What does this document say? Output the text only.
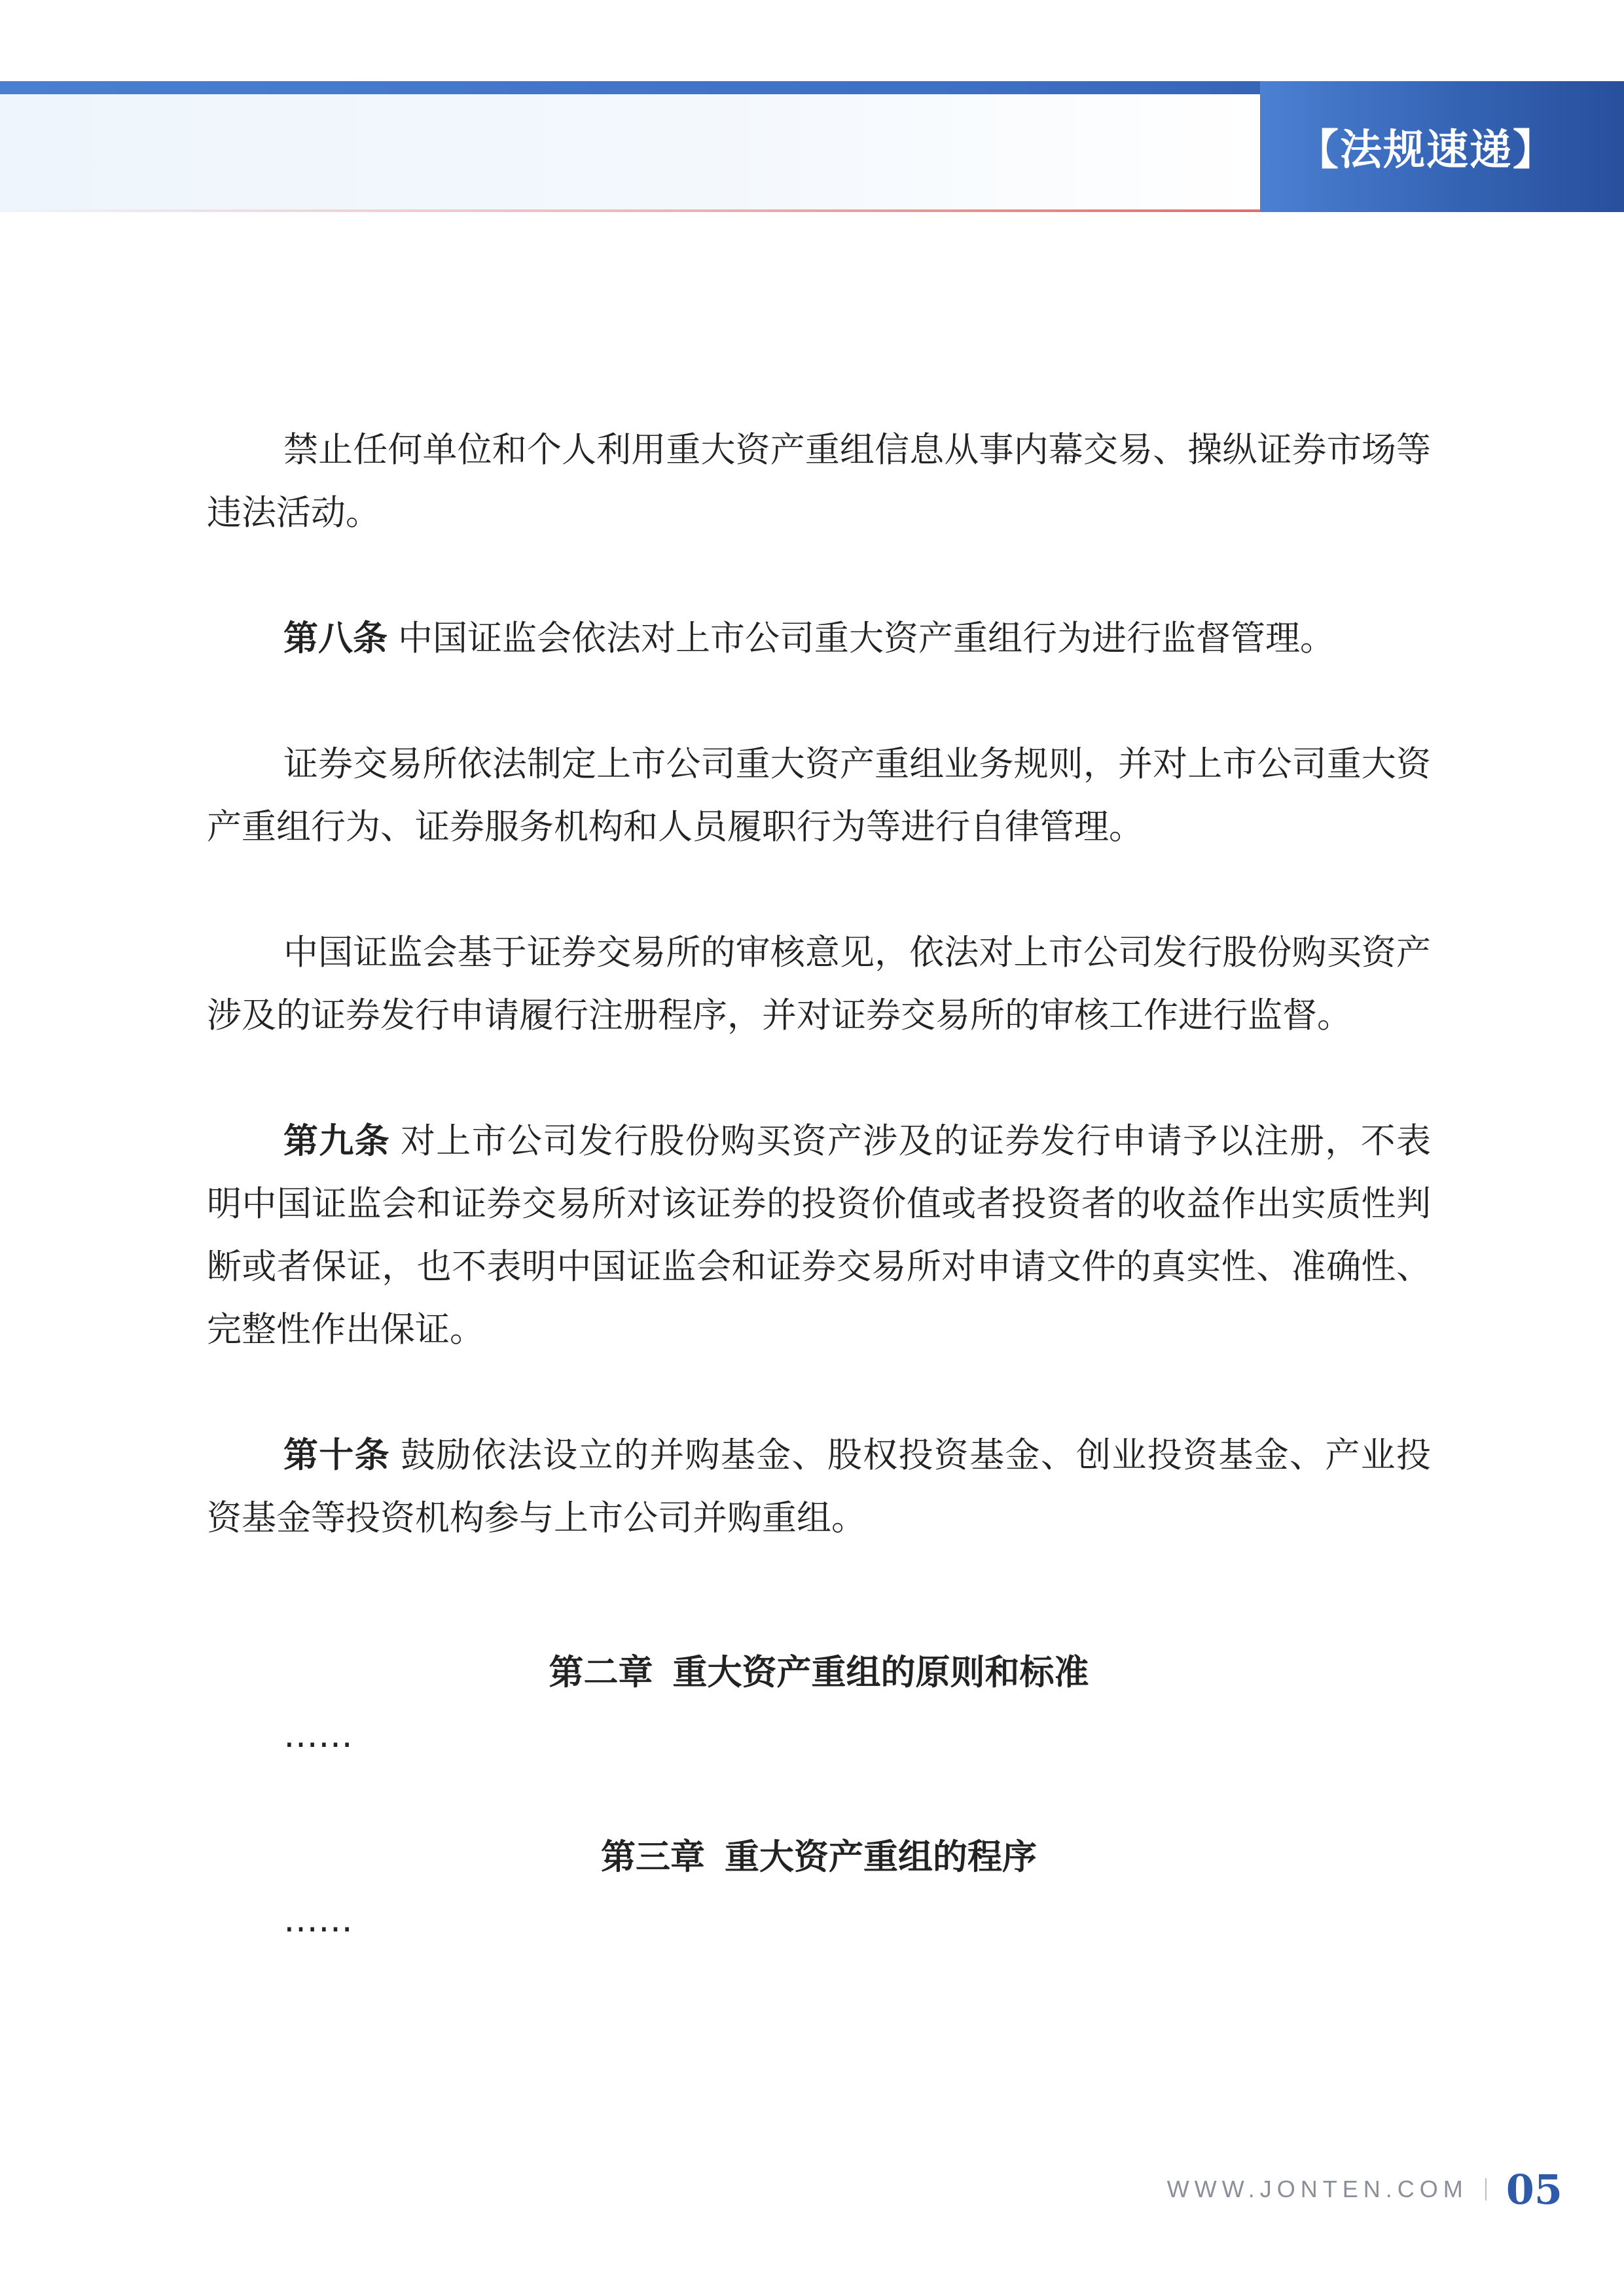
【法规速递】

禁止任何单位和个人利用重大资产重组信息从事内幕交易、操纵证券市场等违法活动。

第八条 中国证监会依法对上市公司重大资产重组行为进行监督管理。

证券交易所依法制定上市公司重大资产重组业务规则，并对上市公司重大资产重组行为、证券服务机构和人员履职行为等进行自律管理。

中国证监会基于证券交易所的审核意见，依法对上市公司发行股份购买资产涉及的证券发行申请履行注册程序，并对证券交易所的审核工作进行监督。

第九条 对上市公司发行股份购买资产涉及的证券发行申请予以注册，不表明中国证监会和证券交易所对该证券的投资价值或者投资者的收益作出实质性判断或者保证，也不表明中国证监会和证券交易所对申请文件的真实性、准确性、完整性作出保证。

第十条 鼓励依法设立的并购基金、股权投资基金、创业投资基金、产业投资基金等投资机构参与上市公司并购重组。

第二章 重大资产重组的原则和标准

……

第三章 重大资产重组的程序

……

WWW.JONTEN.COM 05
